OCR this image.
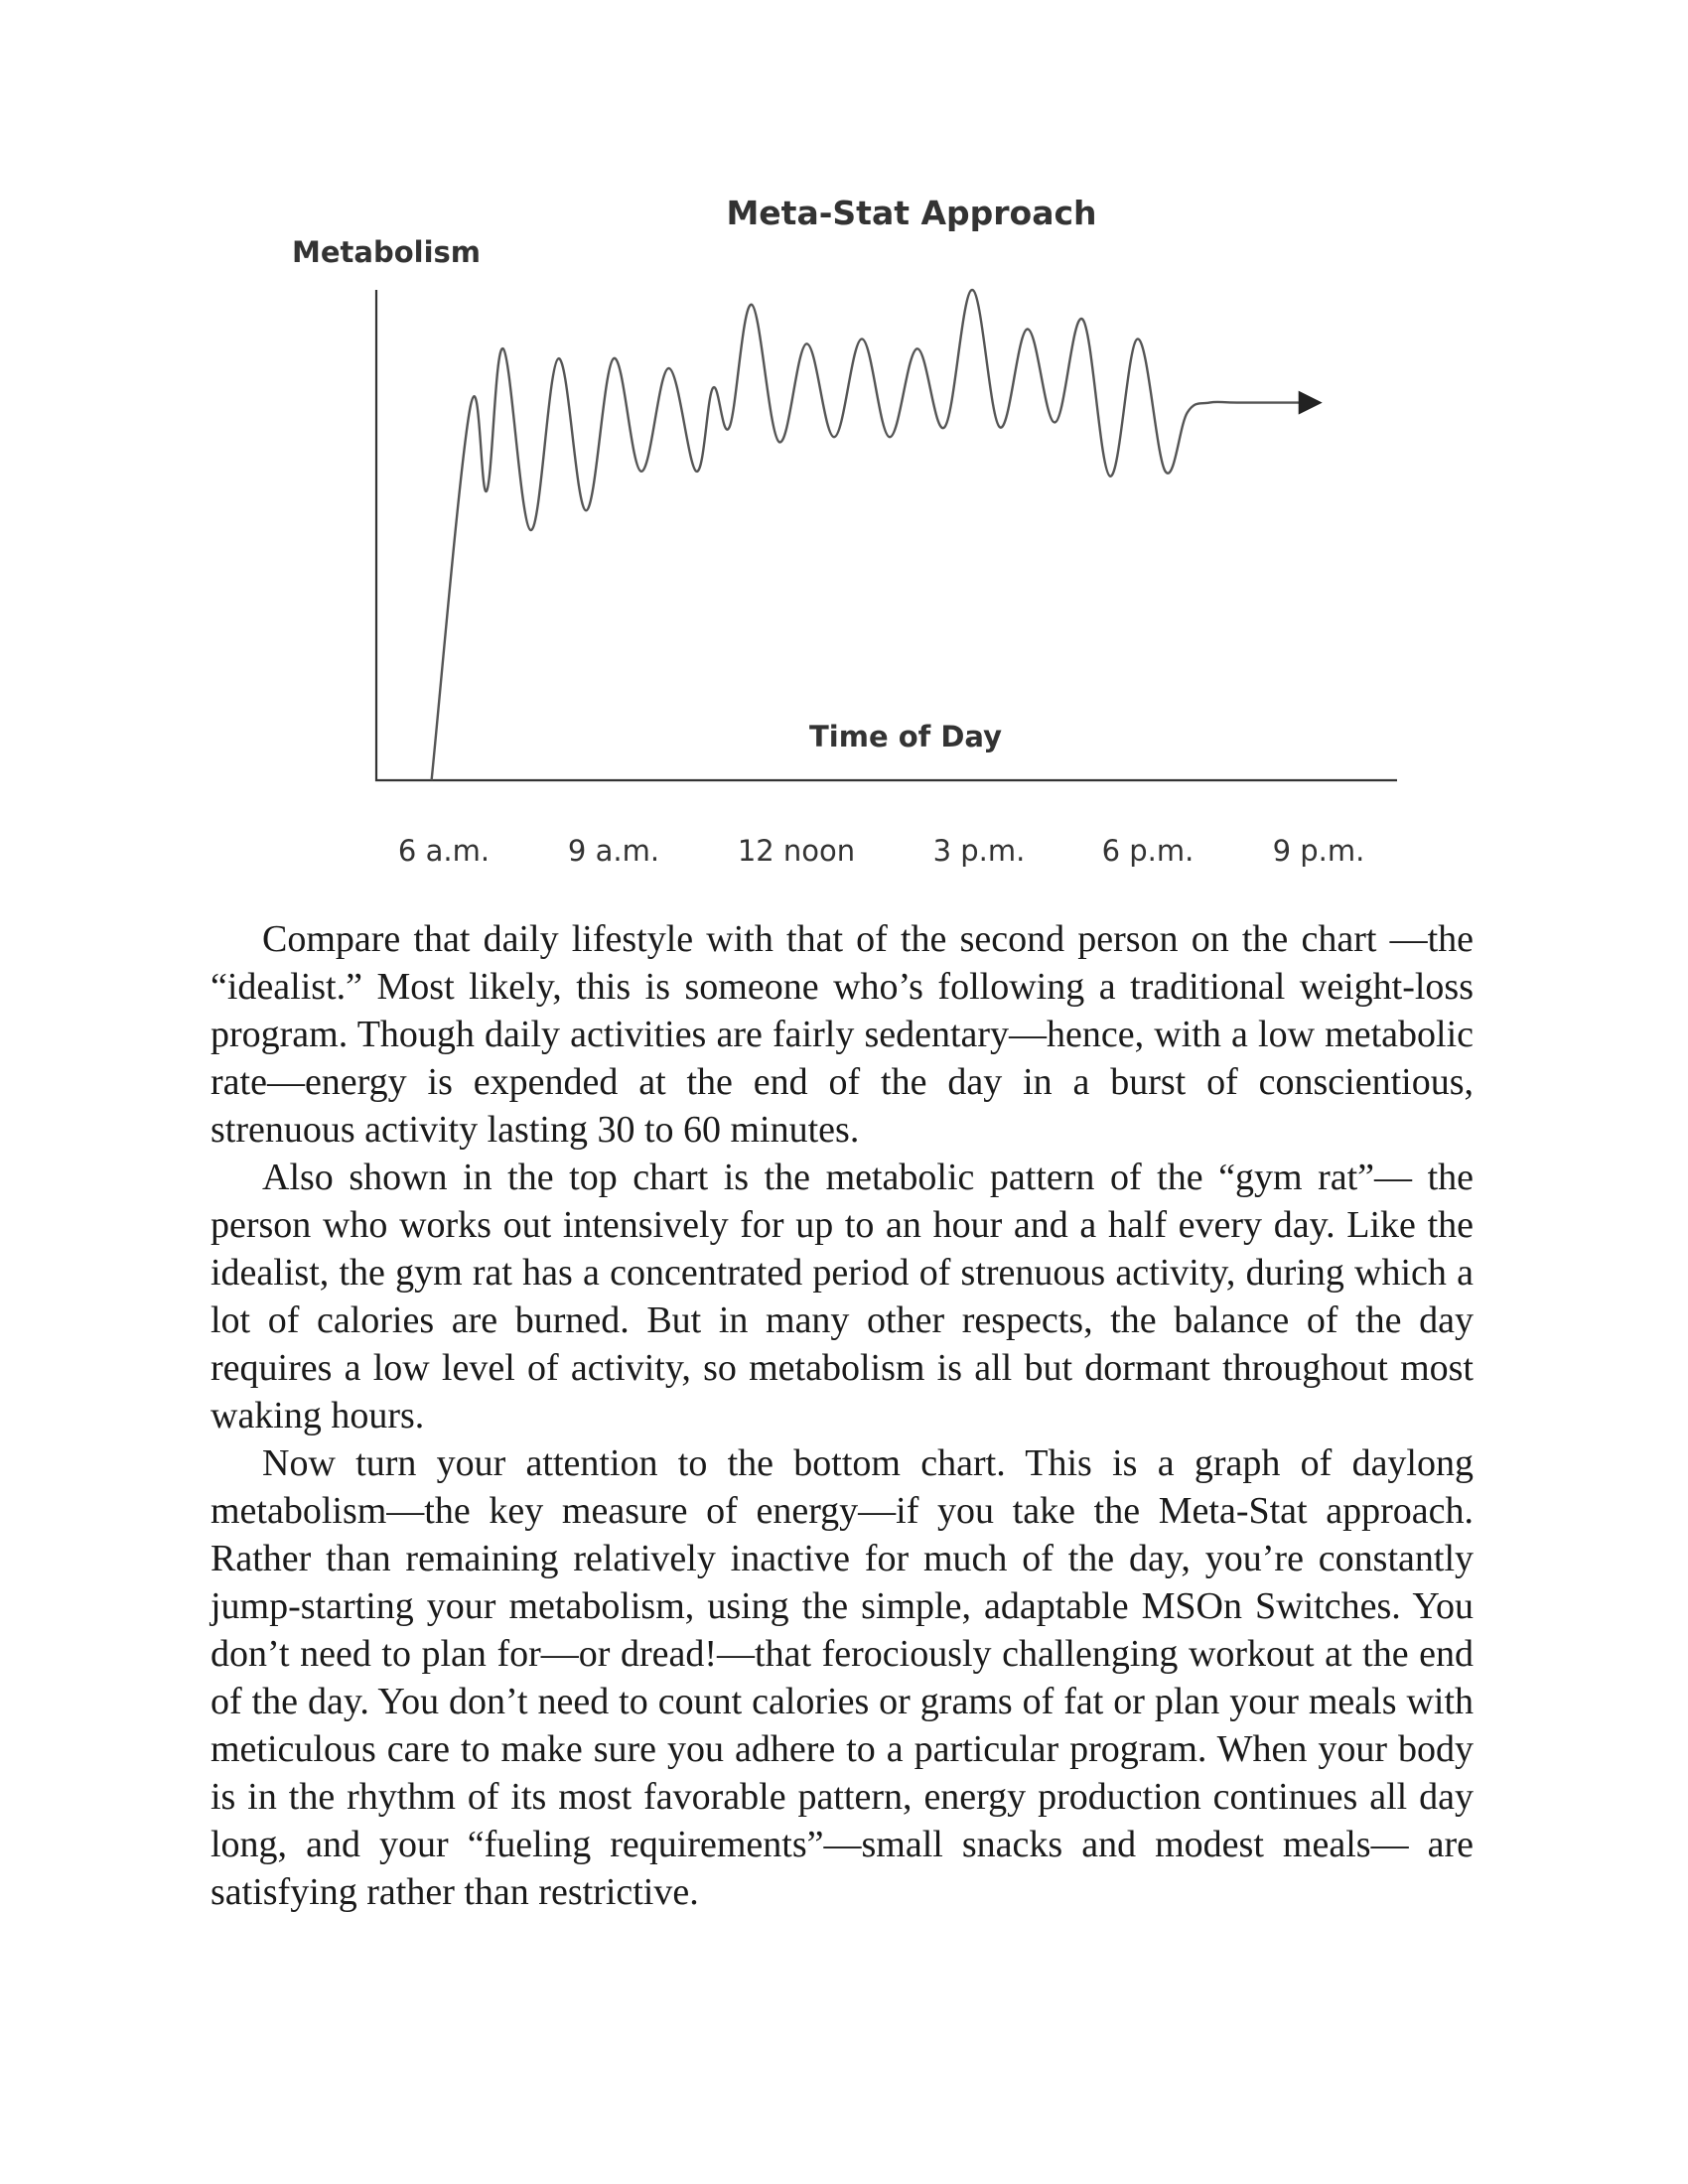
Meta-Stat Approach
Metabolism
Time of Day
6 a.m.	9 a.m.	12 noon	3 p.m.	6 p.m.	9 p.m.

Compare that daily lifestyle with that of the second person on the chart —the “idealist.” Most likely, this is someone who’s following a traditional weight-loss program. Though daily activities are fairly sedentary—hence, with a low metabolic rate—energy is expended at the end of the day in a burst of conscientious, strenuous activity lasting 30 to 60 minutes.

Also shown in the top chart is the metabolic pattern of the “gym rat”— the person who works out intensively for up to an hour and a half every day. Like the idealist, the gym rat has a concentrated period of strenuous activity, during which a lot of calories are burned. But in many other respects, the balance of the day requires a low level of activity, so metabolism is all but dormant throughout most waking hours.

Now turn your attention to the bottom chart. This is a graph of daylong metabolism—the key measure of energy—if you take the Meta-Stat approach. Rather than remaining relatively inactive for much of the day, you’re constantly jump-starting your metabolism, using the simple, adaptable MSOn Switches. You don’t need to plan for—or dread!—that ferociously challenging workout at the end of the day. You don’t need to count calories or grams of fat or plan your meals with meticulous care to make sure you adhere to a particular program. When your body is in the rhythm of its most favorable pattern, energy production continues all day long, and your “fueling requirements”—small snacks and modest meals— are satisfying rather than restrictive.
